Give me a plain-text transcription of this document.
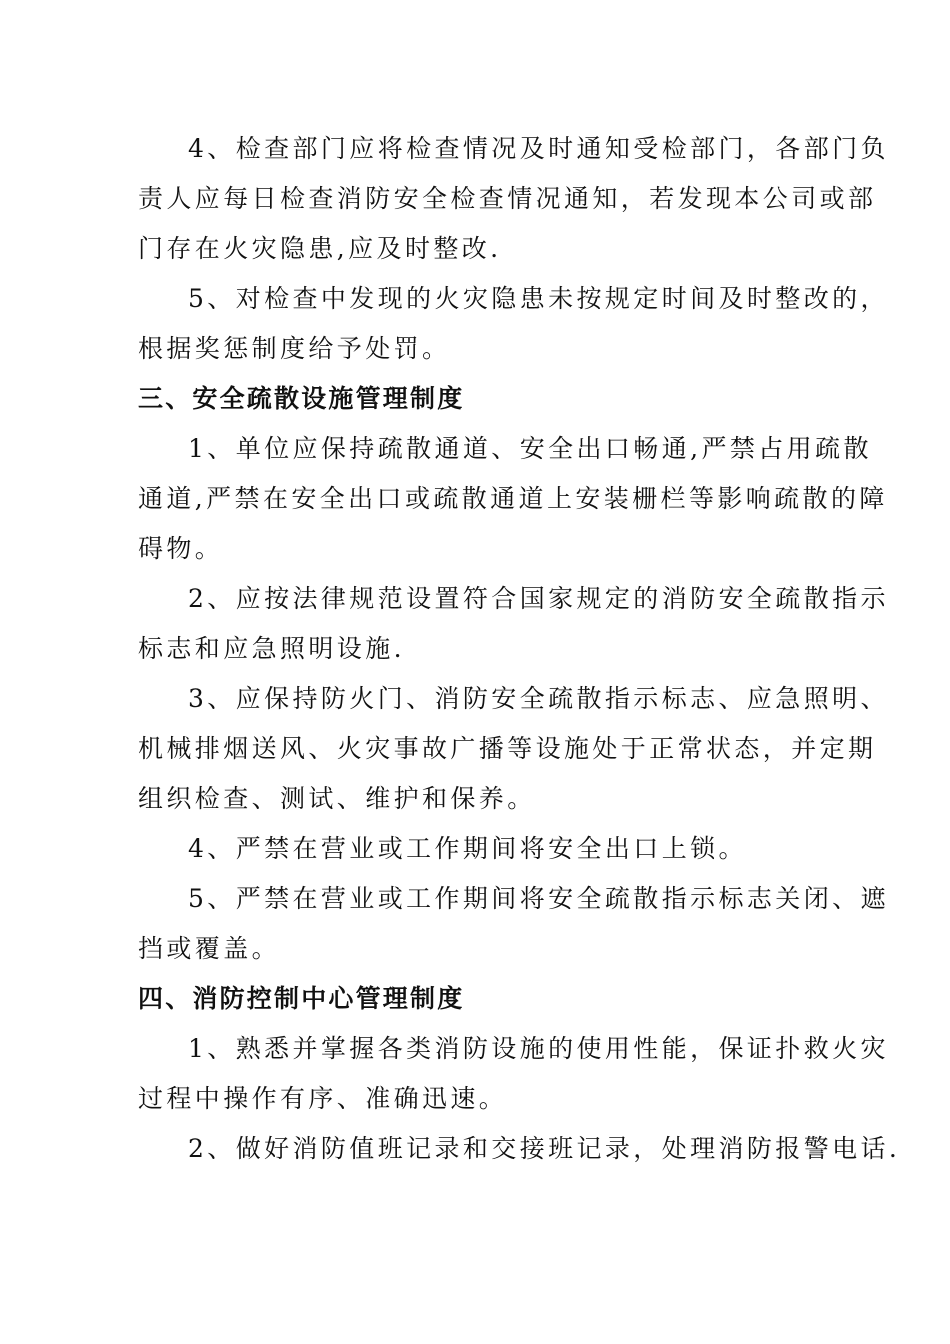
4、检查部门应将检查情况及时通知受检部门，各部门负
责人应每日检查消防安全检查情况通知，若发现本公司或部
门存在火灾隐患,应及时整改.
5、对检查中发现的火灾隐患未按规定时间及时整改的，
根据奖惩制度给予处罚。
三、安全疏散设施管理制度
1、单位应保持疏散通道、安全出口畅通,严禁占用疏散
通道,严禁在安全出口或疏散通道上安装栅栏等影响疏散的障
碍物。
2、应按法律规范设置符合国家规定的消防安全疏散指示
标志和应急照明设施.
3、应保持防火门、消防安全疏散指示标志、应急照明、
机械排烟送风、火灾事故广播等设施处于正常状态，并定期
组织检查、测试、维护和保养。
4、严禁在营业或工作期间将安全出口上锁。
5、严禁在营业或工作期间将安全疏散指示标志关闭、遮
挡或覆盖。
四、消防控制中心管理制度
1、熟悉并掌握各类消防设施的使用性能，保证扑救火灾
过程中操作有序、准确迅速。
2、做好消防值班记录和交接班记录，处理消防报警电话.
